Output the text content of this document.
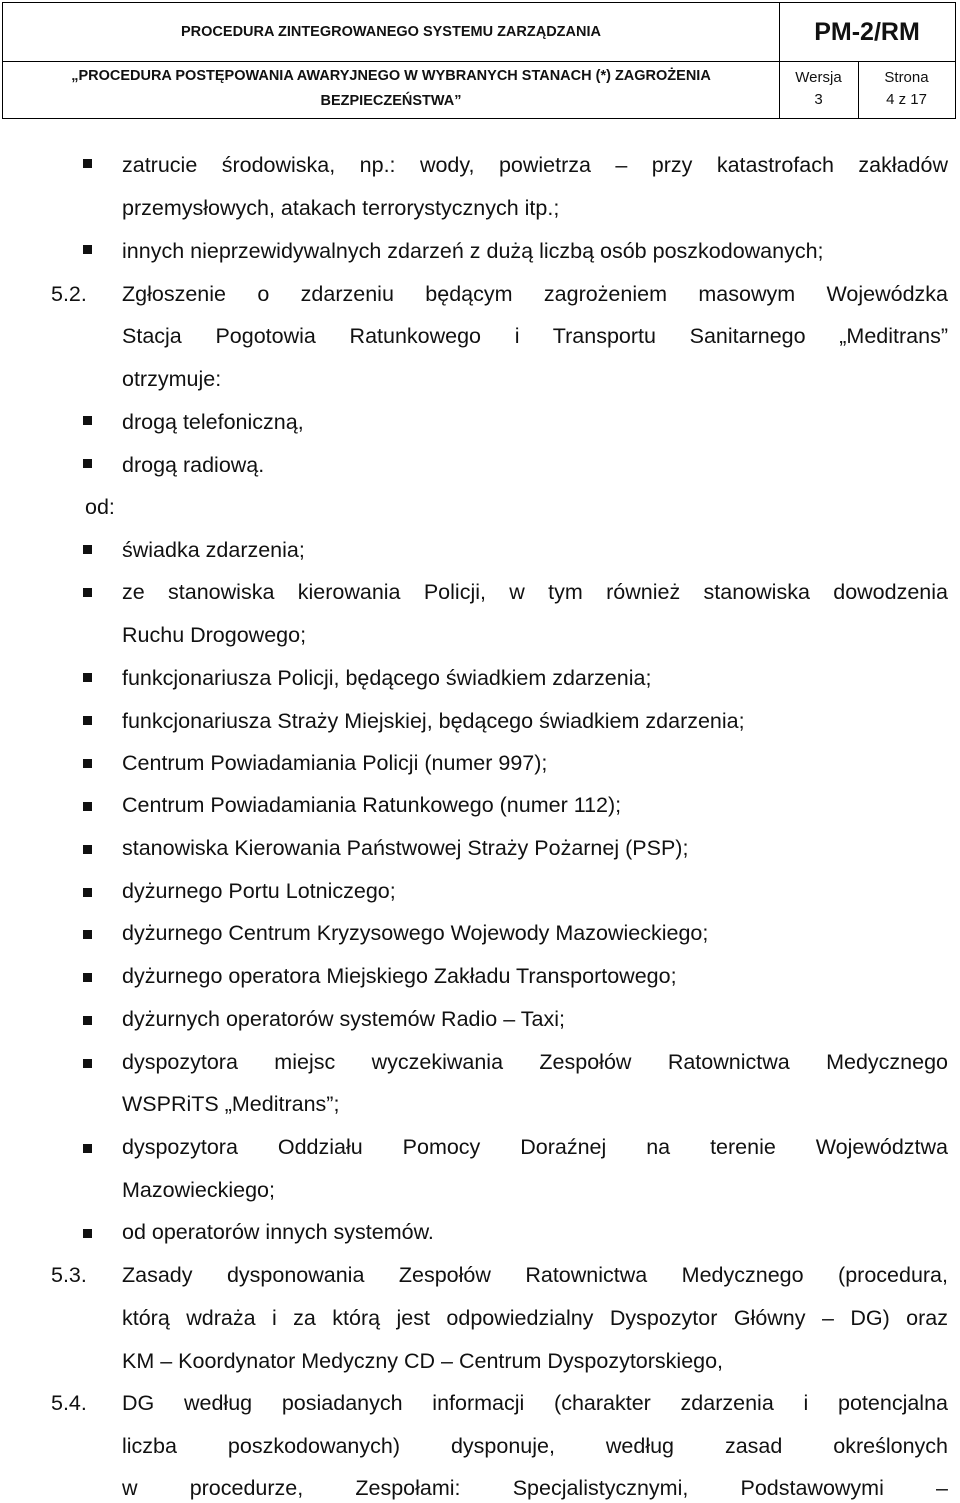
PROCEDURA ZINTEGROWANEGO SYSTEMU ZARZĄDZANIA	PM-2/RM
„PROCEDURA POSTĘPOWANIA AWARYJNEGO W WYBRANYCH STANACH (*) ZAGROŻENIA
BEZPIECZEŃSTWA”
Wersja
3
Strona
4 z 17
zatrucie środowiska, np.: wody, powietrza – przy katastrofach zakładów
przemysłowych, atakach terrorystycznych itp.;
innych nieprzewidywalnych zdarzeń z dużą liczbą osób poszkodowanych;
5.2. Zgłoszenie o zdarzeniu będącym zagrożeniem masowym Wojewódzka
Stacja Pogotowia Ratunkowego i Transportu Sanitarnego „Meditrans”
otrzymuje:
drogą telefoniczną,
drogą radiową.
od:
świadka zdarzenia;
ze stanowiska kierowania Policji, w tym również stanowiska dowodzenia
Ruchu Drogowego;
funkcjonariusza Policji, będącego świadkiem zdarzenia;
funkcjonariusza Straży Miejskiej, będącego świadkiem zdarzenia;
Centrum Powiadamiania Policji (numer 997);
Centrum Powiadamiania Ratunkowego (numer 112);
stanowiska Kierowania Państwowej Straży Pożarnej (PSP);
dyżurnego Portu Lotniczego;
dyżurnego Centrum Kryzysowego Wojewody Mazowieckiego;
dyżurnego operatora Miejskiego Zakładu Transportowego;
dyżurnych operatorów systemów Radio – Taxi;
dyspozytora miejsc wyczekiwania Zespołów Ratownictwa Medycznego
WSPRiTS „Meditrans”;
dyspozytora Oddziału Pomocy Doraźnej na terenie Województwa
Mazowieckiego;
od operatorów innych systemów.
5.3. Zasady dysponowania Zespołów Ratownictwa Medycznego (procedura,
którą wdraża i za którą jest odpowiedzialny Dyspozytor Główny – DG) oraz
KM – Koordynator Medyczny CD – Centrum Dyspozytorskiego,
5.4. DG według posiadanych informacji (charakter zdarzenia i potencjalna
liczba poszkodowanych) dysponuje, według zasad określonych
w procedurze, Zespołami: Specjalistycznymi, Podstawowymi –
